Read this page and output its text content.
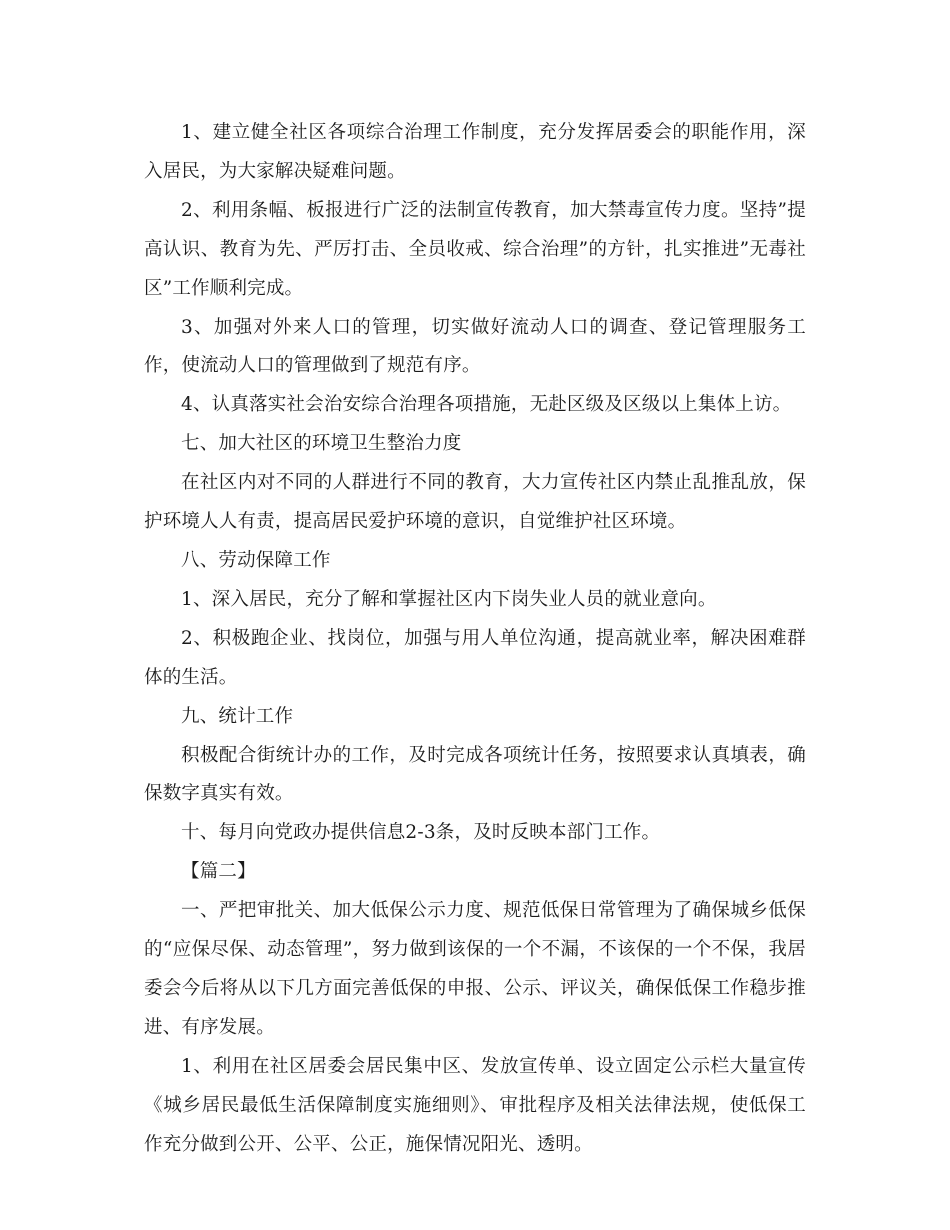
1、建立健全社区各项综合治理工作制度，充分发挥居委会的职能作用，深入居民，为大家解决疑难问题。

2、利用条幅、板报进行广泛的法制宣传教育，加大禁毒宣传力度。坚持”提高认识、教育为先、严厉打击、全员收戒、综合治理”的方针，扎实推进”无毒社区”工作顺利完成。

3、加强对外来人口的管理，切实做好流动人口的调查、登记管理服务工作，使流动人口的管理做到了规范有序。

4、认真落实社会治安综合治理各项措施，无赴区级及区级以上集体上访。

七、加大社区的环境卫生整治力度

在社区内对不同的人群进行不同的教育，大力宣传社区内禁止乱推乱放，保护环境人人有责，提高居民爱护环境的意识，自觉维护社区环境。

八、劳动保障工作

1、深入居民，充分了解和掌握社区内下岗失业人员的就业意向。

2、积极跑企业、找岗位，加强与用人单位沟通，提高就业率，解决困难群体的生活。

九、统计工作

积极配合街统计办的工作，及时完成各项统计任务，按照要求认真填表，确保数字真实有效。

十、每月向党政办提供信息2-3条，及时反映本部门工作。

【篇二】

一、严把审批关、加大低保公示力度、规范低保日常管理为了确保城乡低保的“应保尽保、动态管理”，努力做到该保的一个不漏，不该保的一个不保，我居委会今后将从以下几方面完善低保的申报、公示、评议关，确保低保工作稳步推进、有序发展。

1、利用在社区居委会居民集中区、发放宣传单、设立固定公示栏大量宣传《城乡居民最低生活保障制度实施细则》、审批程序及相关法律法规，使低保工作充分做到公开、公平、公正，施保情况阳光、透明。
